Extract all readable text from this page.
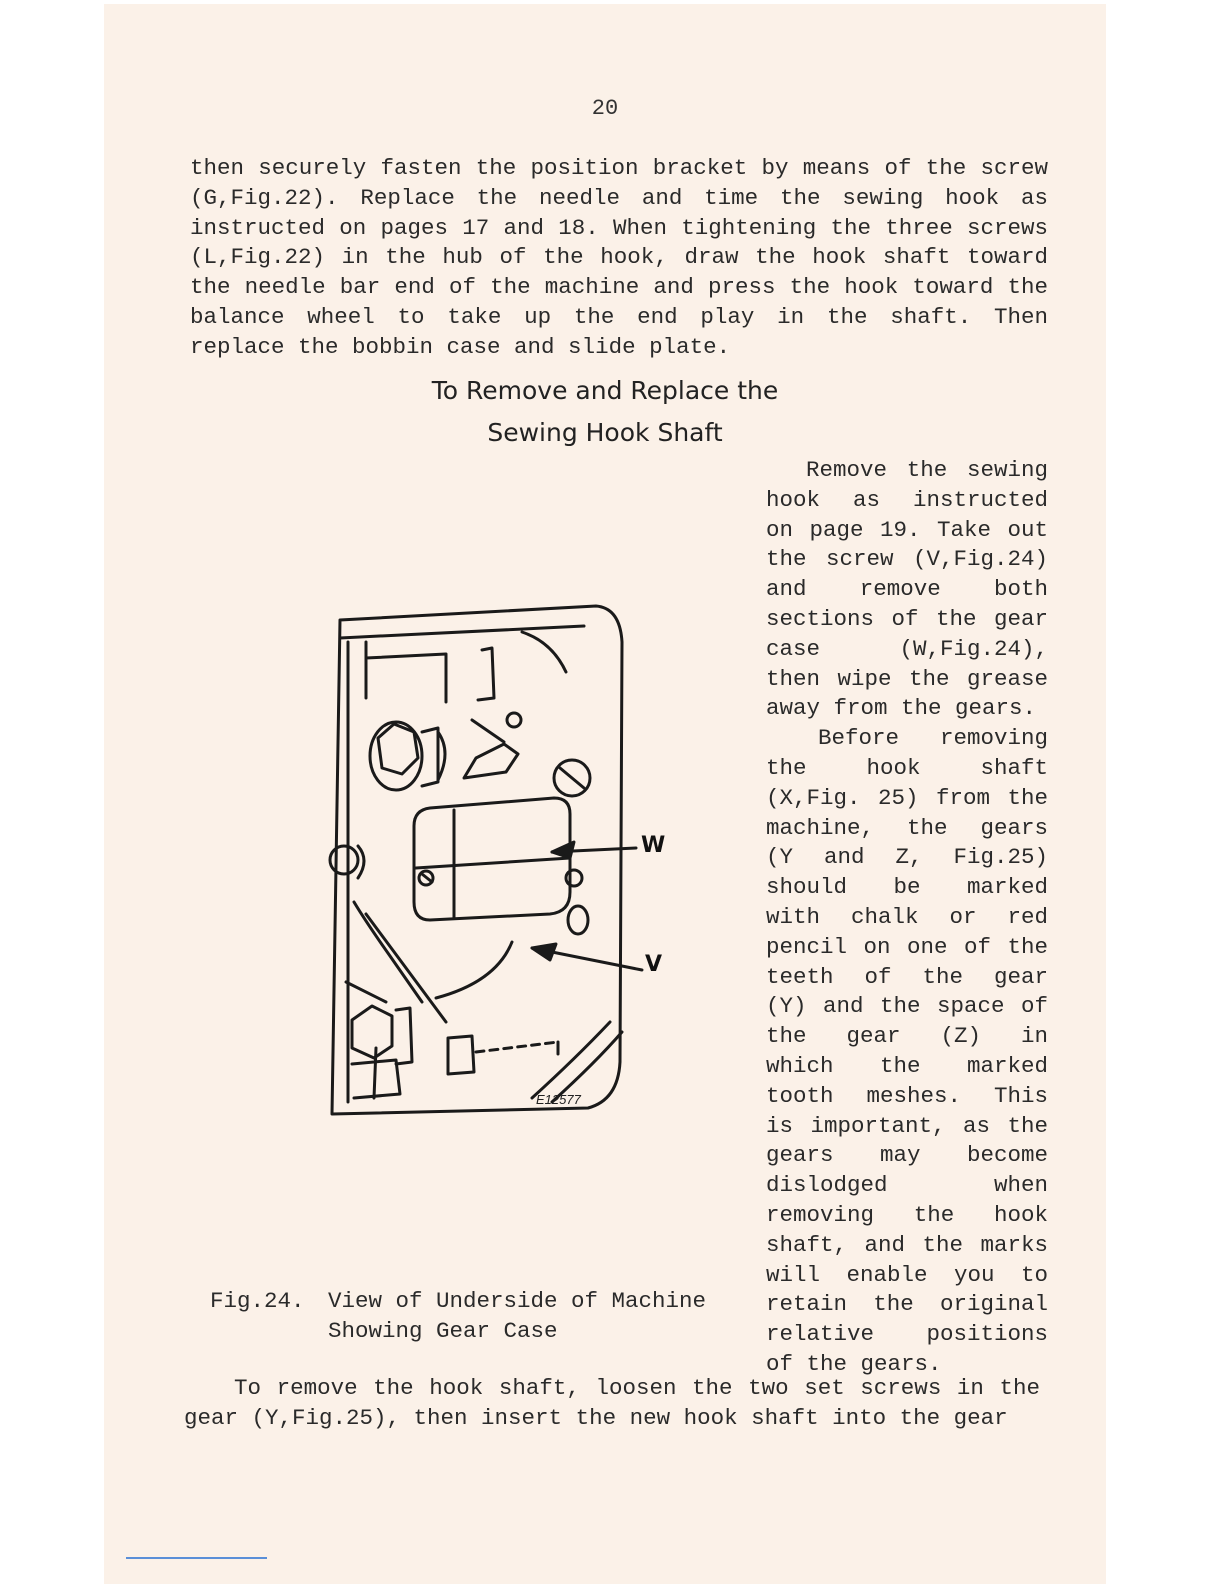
20

then securely fasten the position bracket by means of the screw (G,Fig.22). Replace the needle and time the sewing hook as instructed on pages 17 and 18. When tightening the three screws (L,Fig.22) in the hub of the hook, draw the hook shaft toward the needle bar end of the machine and press the hook toward the balance wheel to take up the end play in the shaft. Then replace the bobbin case and slide plate.

To Remove and Replace the
Sewing Hook Shaft

Remove the sewing hook as instructed on page 19. Take out the screw (V,Fig.24) and remove both sections of the gear case (W,Fig.24), then wipe the grease away from the gears.

Before removing the hook shaft (X,Fig. 25) from the machine, the gears (Y and Z, Fig.25) should be marked with chalk or red pencil on one of the teeth of the gear (Y) and the space of the gear (Z) in which the marked tooth meshes. This is important, as the gears may become dislodged when removing the hook shaft, and the marks will enable you to retain the original relative positions of the gears.

W
V
E12577
Fig.24. View of Underside of Machine Showing Gear Case

To remove the hook shaft, loosen the two set screws in the gear (Y,Fig.25), then insert the new hook shaft into the gear
